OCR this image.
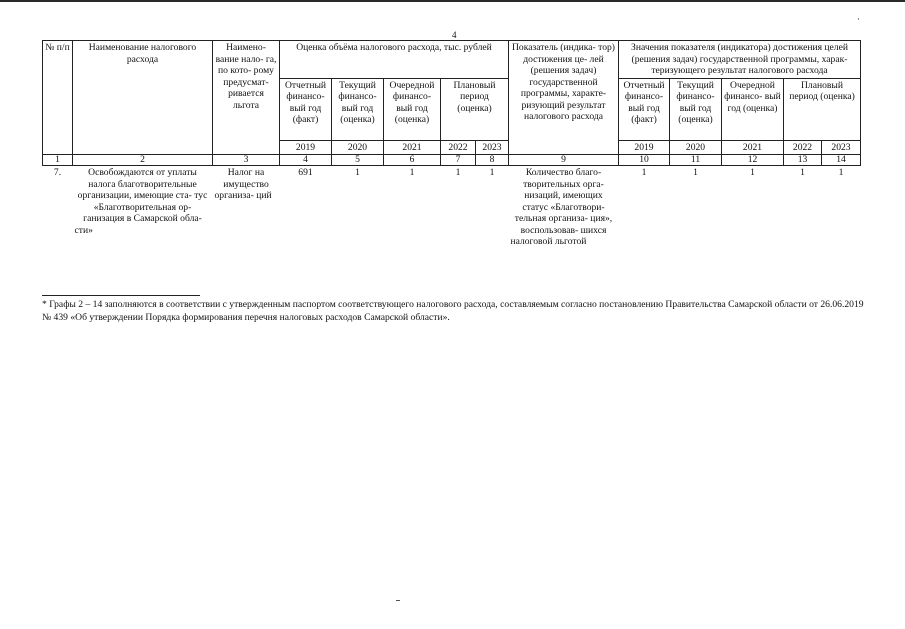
·
4
№ п/п	Наименование налогового расхода	Наимено- вание нало- га, по кото- рому предусмат- ривается льгота	Оценка объёма налогового расхода, тыс. рублей					Показатель (индика- тор) достижения це- лей (решения задач) государственной программы, характе- ризующий результат налогового расхода	Значения показателя (индикатора) достижения целей (решения задач) государственной программы, харак- теризующего результат налогового расхода				
			Отчетный финансо- вый год (факт)	Текущий финансо- вый год (оценка)	Очередной финансо- вый год (оценка)	Плановый период (оценка)			Отчетный финансо- вый год (факт)	Текущий финансо- вый год (оценка)	Очередной финансо- вый год (оценка)	Плановый период (оценка)	
			2019	2020	2021	2022	2023		2019	2020	2021	2022	2023
1	2	3	4	5	6	7	8	9	10	11	12	13	14
7.	Освобождаются от уплаты налога благотворительные организации, имеющие ста- тус «Благотворительная ор- ганизация в Самарской обла- сти»	Налог на имущество организа- ций	691	1	1	1	1	Количество благо- творительных орга- низаций, имеющих статус «Благотвори- тельная организа- ция», воспользовав- шихся налоговой льготой	1	1	1	1	1
* Графы 2 – 14 заполняются в соответствии с утвержденным паспортом соответствующего налогового расхода, составляемым согласно постановлению Правительства Самарской области от 26.06.2019 № 439 «Об утверждении Порядка формирования перечня налоговых расходов Самарской области».
